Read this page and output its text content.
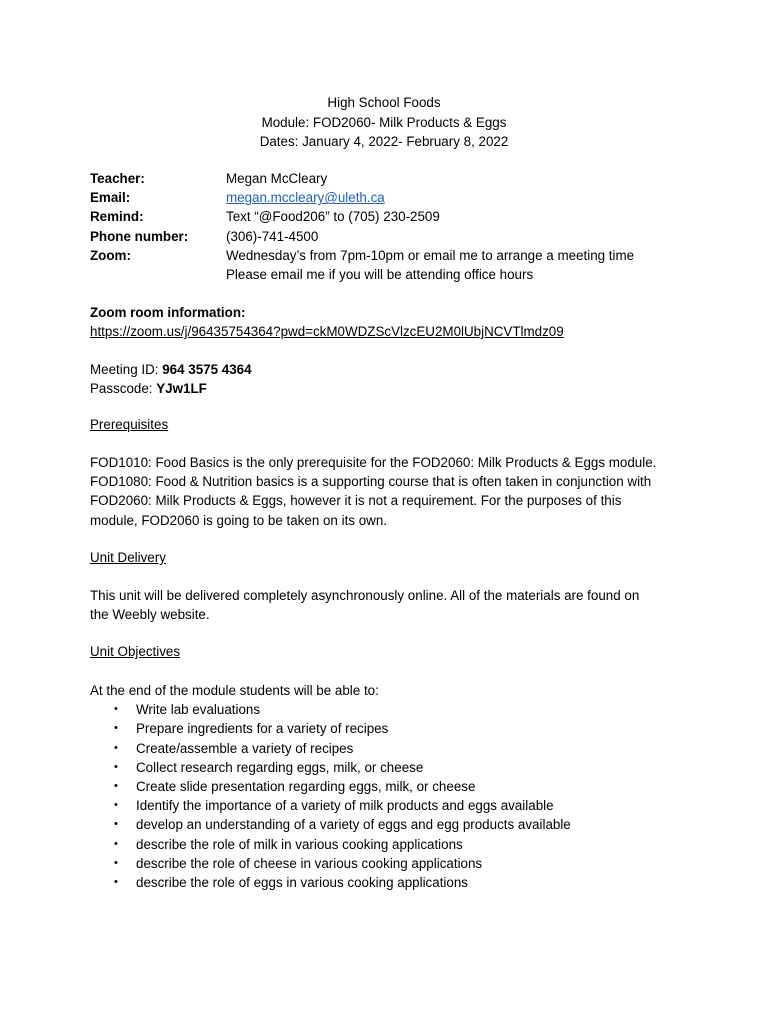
High School Foods
Module: FOD2060- Milk Products & Eggs
Dates: January 4, 2022- February 8, 2022
Teacher:	Megan McCleary
Email:	megan.mccleary@uleth.ca
Remind:	Text “@Food206” to (705) 230-2509
Phone number:	(306)-741-4500
Zoom:	Wednesday’s from 7pm-10pm or email me to arrange a meeting time
Please email me if you will be attending office hours
Zoom room information:
https://zoom.us/j/96435754364?pwd=ckM0WDZScVlzcEU2M0lUbjNCVTlmdz09
Meeting ID: 964 3575 4364
Passcode: YJw1LF
Prerequisites
FOD1010: Food Basics is the only prerequisite for the FOD2060: Milk Products & Eggs module.
FOD1080: Food & Nutrition basics is a supporting course that is often taken in conjunction with
FOD2060: Milk Products & Eggs, however it is not a requirement. For the purposes of this
module, FOD2060 is going to be taken on its own.
Unit Delivery
This unit will be delivered completely asynchronously online. All of the materials are found on
the Weebly website.
Unit Objectives
At the end of the module students will be able to:
• Write lab evaluations
• Prepare ingredients for a variety of recipes
• Create/assemble a variety of recipes
• Collect research regarding eggs, milk, or cheese
• Create slide presentation regarding eggs, milk, or cheese
• Identify the importance of a variety of milk products and eggs available
• develop an understanding of a variety of eggs and egg products available
• describe the role of milk in various cooking applications
• describe the role of cheese in various cooking applications
• describe the role of eggs in various cooking applications
